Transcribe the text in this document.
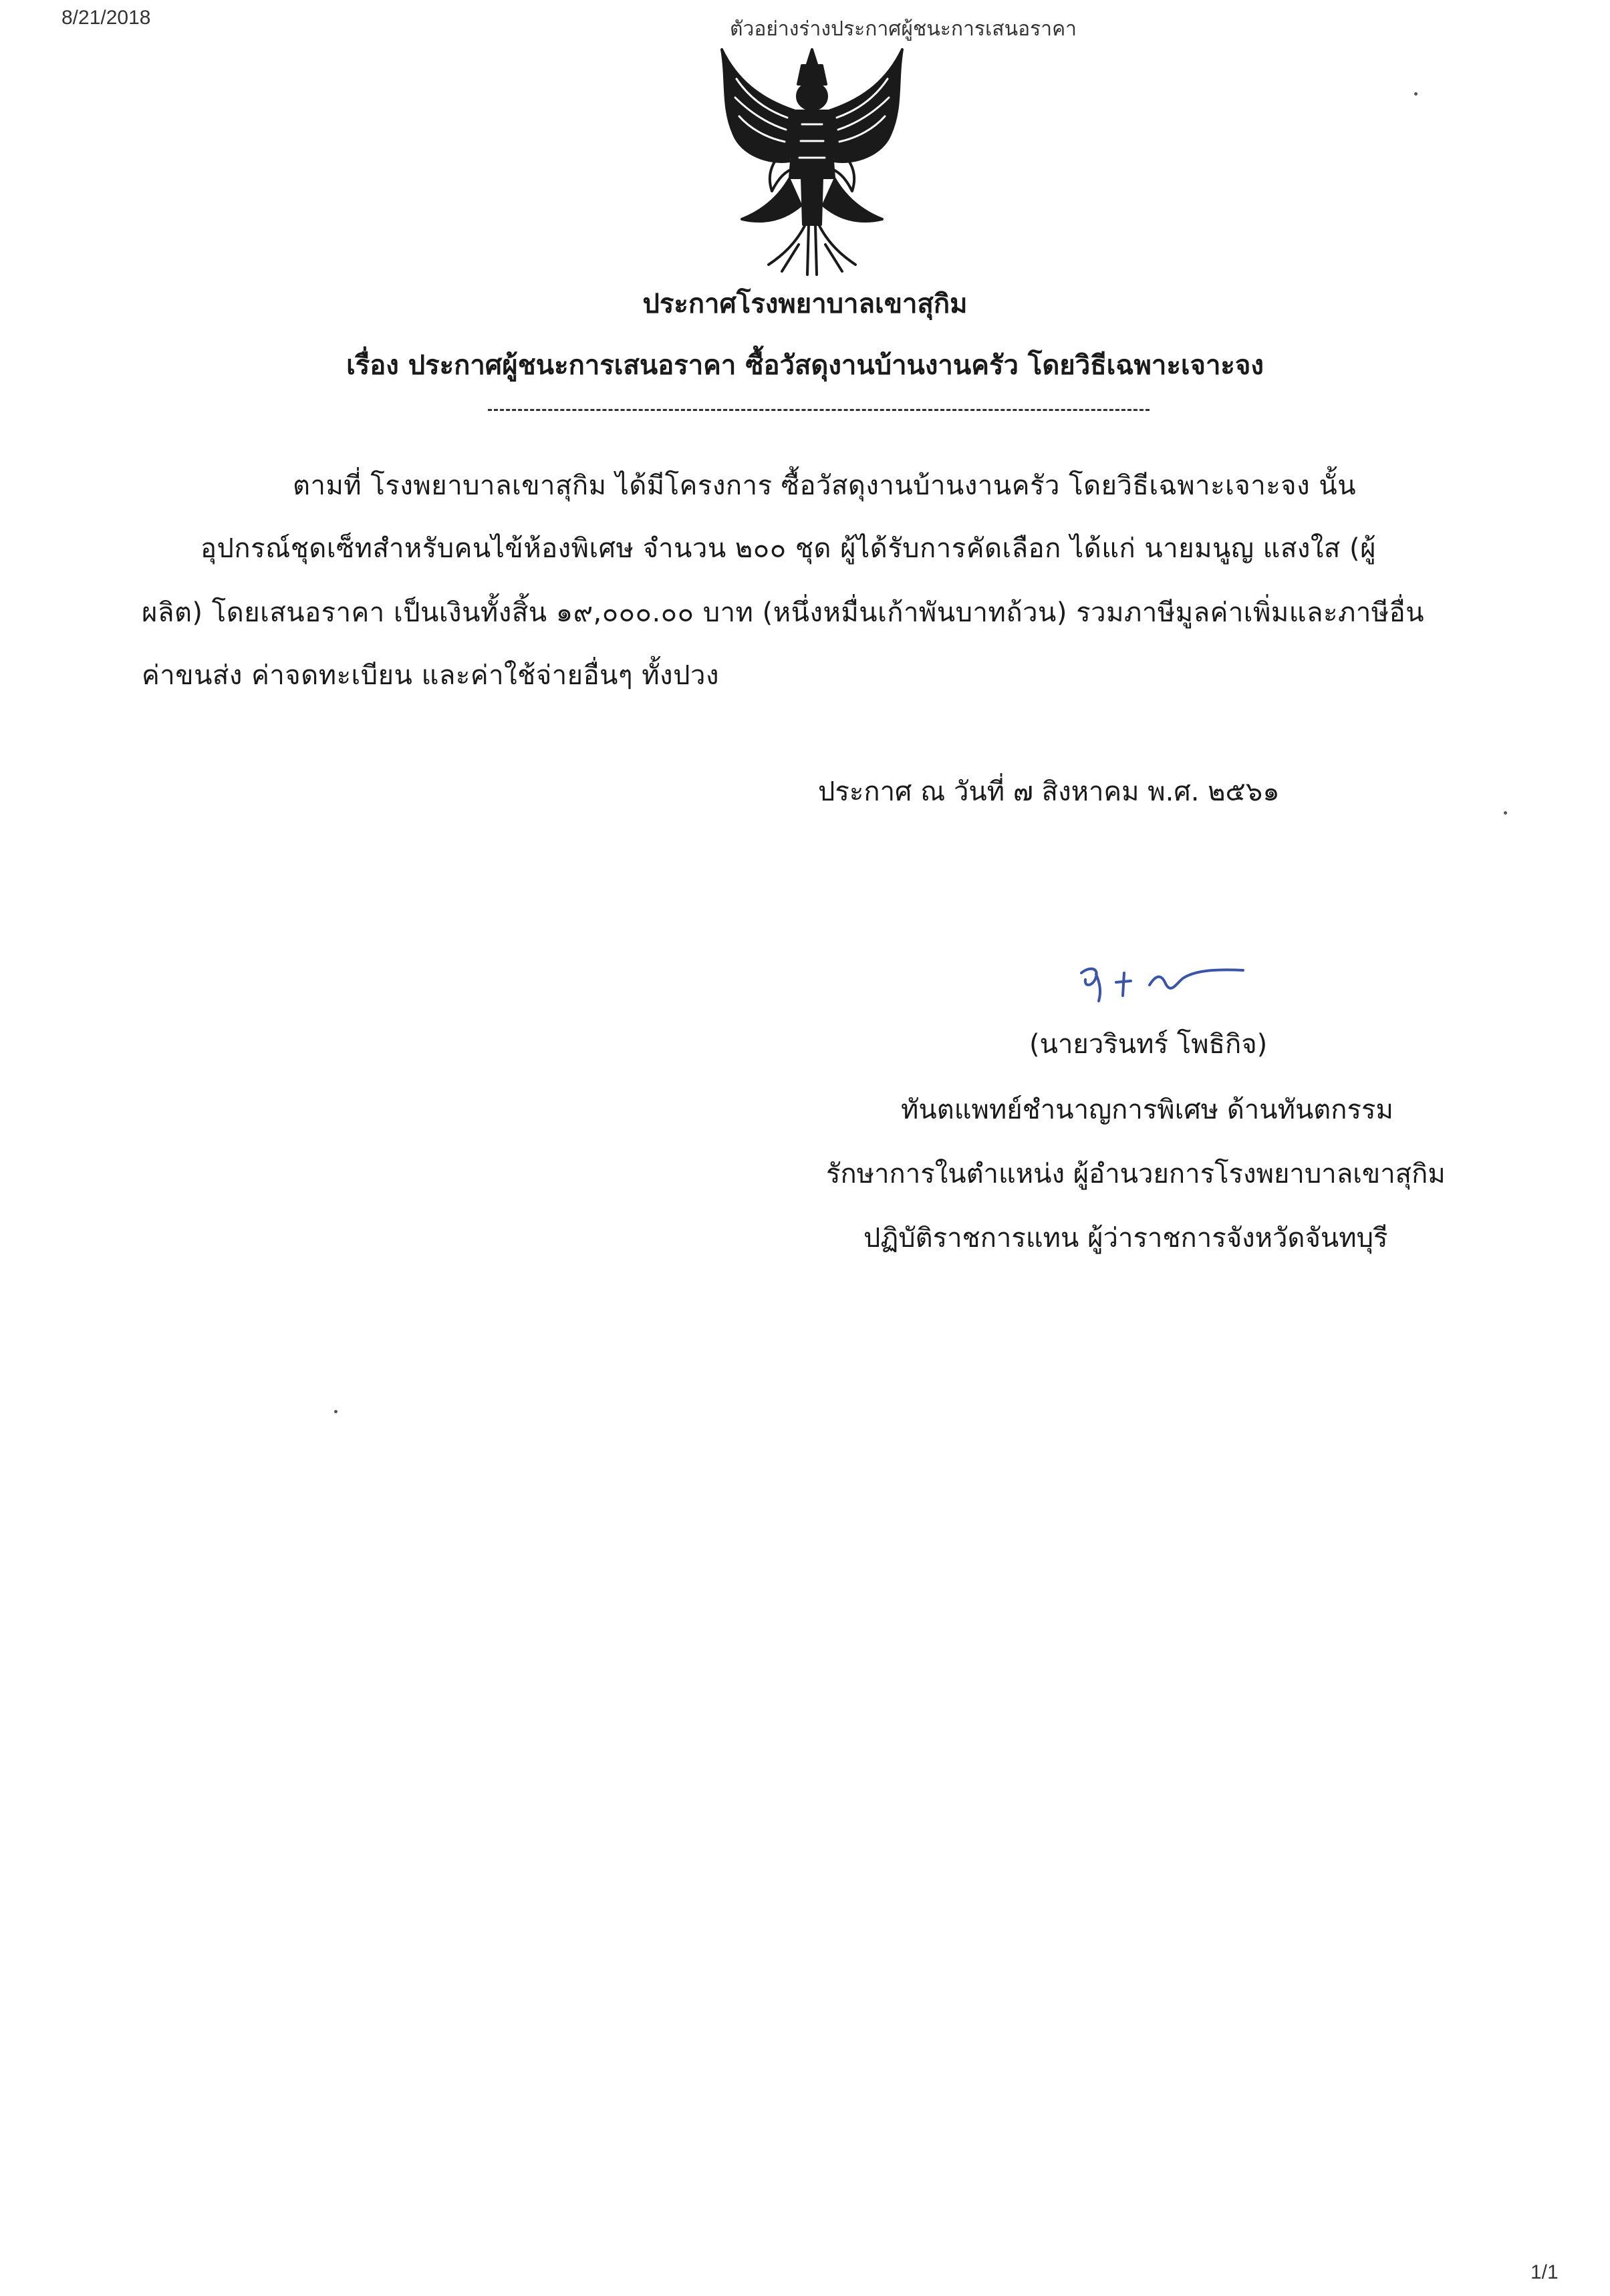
8/21/2018
ตัวอย่างร่างประกาศผู้ชนะการเสนอราคา
ประกาศโรงพยาบาลเขาสุกิม
เรื่อง ประกาศผู้ชนะการเสนอราคา ซื้อวัสดุงานบ้านงานครัว โดยวิธีเฉพาะเจาะจง
ตามที่ โรงพยาบาลเขาสุกิม ได้มีโครงการ ซื้อวัสดุงานบ้านงานครัว โดยวิธีเฉพาะเจาะจง นั้น
อุปกรณ์ชุดเซ็ทสำหรับคนไข้ห้องพิเศษ จำนวน ๒๐๐ ชุด ผู้ได้รับการคัดเลือก ได้แก่ นายมนูญ แสงใส (ผู้
ผลิต) โดยเสนอราคา เป็นเงินทั้งสิ้น ๑๙,๐๐๐.๐๐ บาท (หนึ่งหมื่นเก้าพันบาทถ้วน) รวมภาษีมูลค่าเพิ่มและภาษีอื่น
ค่าขนส่ง ค่าจดทะเบียน และค่าใช้จ่ายอื่นๆ ทั้งปวง
ประกาศ ณ วันที่ ๗ สิงหาคม พ.ศ. ๒๕๖๑
(นายวรินทร์ โพธิกิจ)
ทันตแพทย์ชำนาญการพิเศษ ด้านทันตกรรม
รักษาการในตำแหน่ง ผู้อำนวยการโรงพยาบาลเขาสุกิม
ปฏิบัติราชการแทน ผู้ว่าราชการจังหวัดจันทบุรี
1/1
